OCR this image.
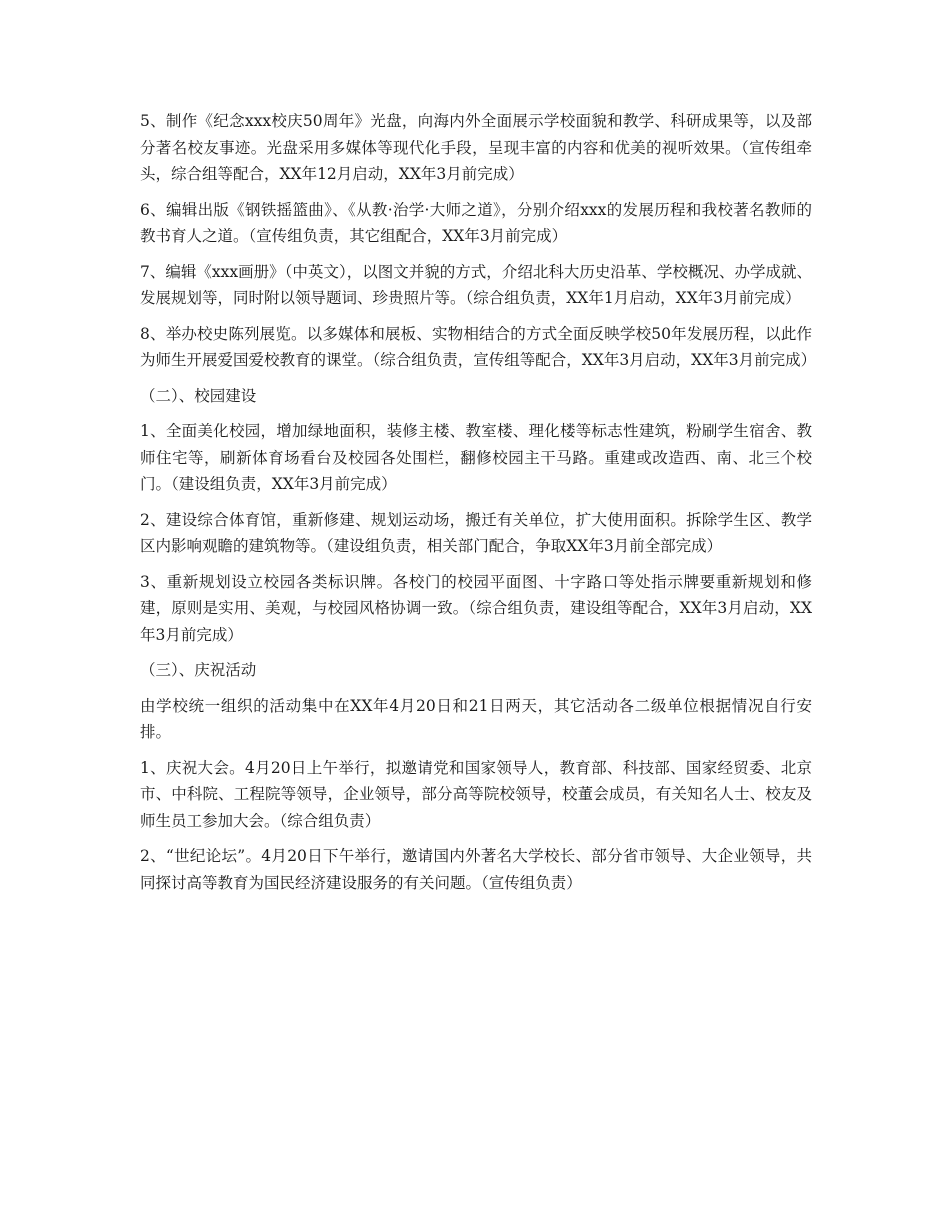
5、制作《纪念xxx校庆50周年》光盘，向海内外全面展示学校面貌和教学、科研成果等，以及部分著名校友事迹。光盘采用多媒体等现代化手段，呈现丰富的内容和优美的视听效果。（宣传组牵头，综合组等配合，XX年12月启动，XX年3月前完成）

6、编辑出版《钢铁摇篮曲》、《从教·治学·大师之道》，分别介绍xxx的发展历程和我校著名教师的教书育人之道。（宣传组负责，其它组配合，XX年3月前完成）

7、编辑《xxx画册》（中英文），以图文并貌的方式，介绍北科大历史沿革、学校概况、办学成就、发展规划等，同时附以领导题词、珍贵照片等。（综合组负责，XX年1月启动，XX年3月前完成）

8、举办校史陈列展览。以多媒体和展板、实物相结合的方式全面反映学校50年发展历程，以此作为师生开展爱国爱校教育的课堂。（综合组负责，宣传组等配合，XX年3月启动，XX年3月前完成）

（二）、校园建设

1、全面美化校园，增加绿地面积，装修主楼、教室楼、理化楼等标志性建筑，粉刷学生宿舍、教师住宅等，刷新体育场看台及校园各处围栏，翻修校园主干马路。重建或改造西、南、北三个校门。（建设组负责，XX年3月前完成）

2、建设综合体育馆，重新修建、规划运动场，搬迁有关单位，扩大使用面积。拆除学生区、教学区内影响观瞻的建筑物等。（建设组负责，相关部门配合，争取XX年3月前全部完成）

3、重新规划设立校园各类标识牌。各校门的校园平面图、十字路口等处指示牌要重新规划和修建，原则是实用、美观，与校园风格协调一致。（综合组负责，建设组等配合，XX年3月启动，XX年3月前完成）

（三）、庆祝活动

由学校统一组织的活动集中在XX年4月20日和21日两天，其它活动各二级单位根据情况自行安排。

1、庆祝大会。4月20日上午举行，拟邀请党和国家领导人，教育部、科技部、国家经贸委、北京市、中科院、工程院等领导，企业领导，部分高等院校领导，校董会成员，有关知名人士、校友及师生员工参加大会。（综合组负责）

2、“世纪论坛”。4月20日下午举行，邀请国内外著名大学校长、部分省市领导、大企业领导，共同探讨高等教育为国民经济建设服务的有关问题。（宣传组负责）
